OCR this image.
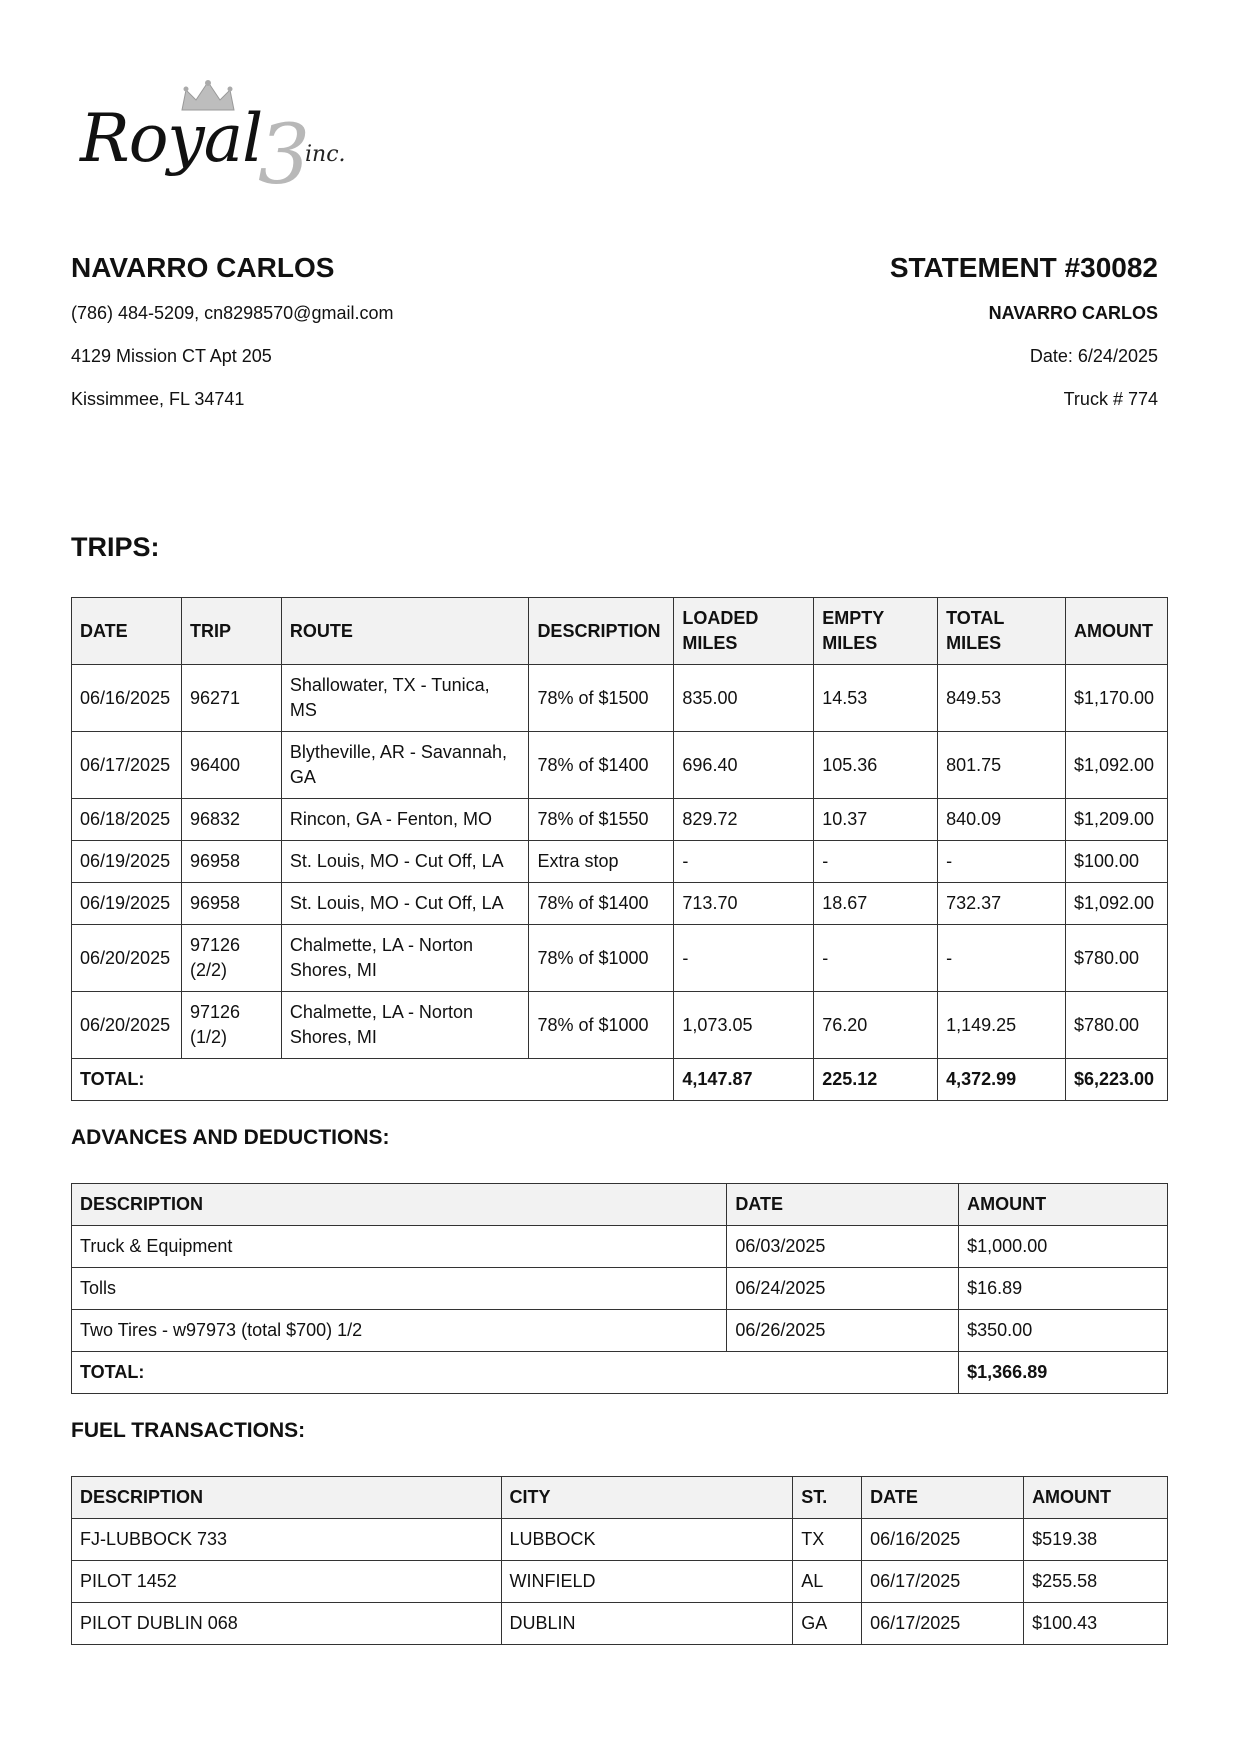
Royal
3
inc.
NAVARRO CARLOS
(786) 484-5209, cn8298570@gmail.com
4129 Mission CT Apt 205
Kissimmee, FL 34741
STATEMENT #30082
NAVARRO CARLOS
Date: 6/24/2025
Truck # 774
TRIPS:
DATE	TRIP	ROUTE	DESCRIPTION	LOADED MILES	EMPTY MILES	TOTAL MILES	AMOUNT
06/16/2025	96271	Shallowater, TX - Tunica, MS	78% of $1500	835.00	14.53	849.53	$1,170.00
06/17/2025	96400	Blytheville, AR - Savannah, GA	78% of $1400	696.40	105.36	801.75	$1,092.00
06/18/2025	96832	Rincon, GA - Fenton, MO	78% of $1550	829.72	10.37	840.09	$1,209.00
06/19/2025	96958	St. Louis, MO - Cut Off, LA	Extra stop	-	-	-	$100.00
06/19/2025	96958	St. Louis, MO - Cut Off, LA	78% of $1400	713.70	18.67	732.37	$1,092.00
06/20/2025	97126 (2/2)	Chalmette, LA - Norton Shores, MI	78% of $1000	-	-	-	$780.00
06/20/2025	97126 (1/2)	Chalmette, LA - Norton Shores, MI	78% of $1000	1,073.05	76.20	1,149.25	$780.00
TOTAL:				4,147.87	225.12	4,372.99	$6,223.00
ADVANCES AND DEDUCTIONS:
DESCRIPTION	DATE	AMOUNT
Truck & Equipment	06/03/2025	$1,000.00
Tolls	06/24/2025	$16.89
Two Tires - w97973 (total $700) 1/2	06/26/2025	$350.00
TOTAL:		$1,366.89
FUEL TRANSACTIONS:
DESCRIPTION	CITY	ST.	DATE	AMOUNT
FJ-LUBBOCK 733	LUBBOCK	TX	06/16/2025	$519.38
PILOT 1452	WINFIELD	AL	06/17/2025	$255.58
PILOT DUBLIN 068	DUBLIN	GA	06/17/2025	$100.43
